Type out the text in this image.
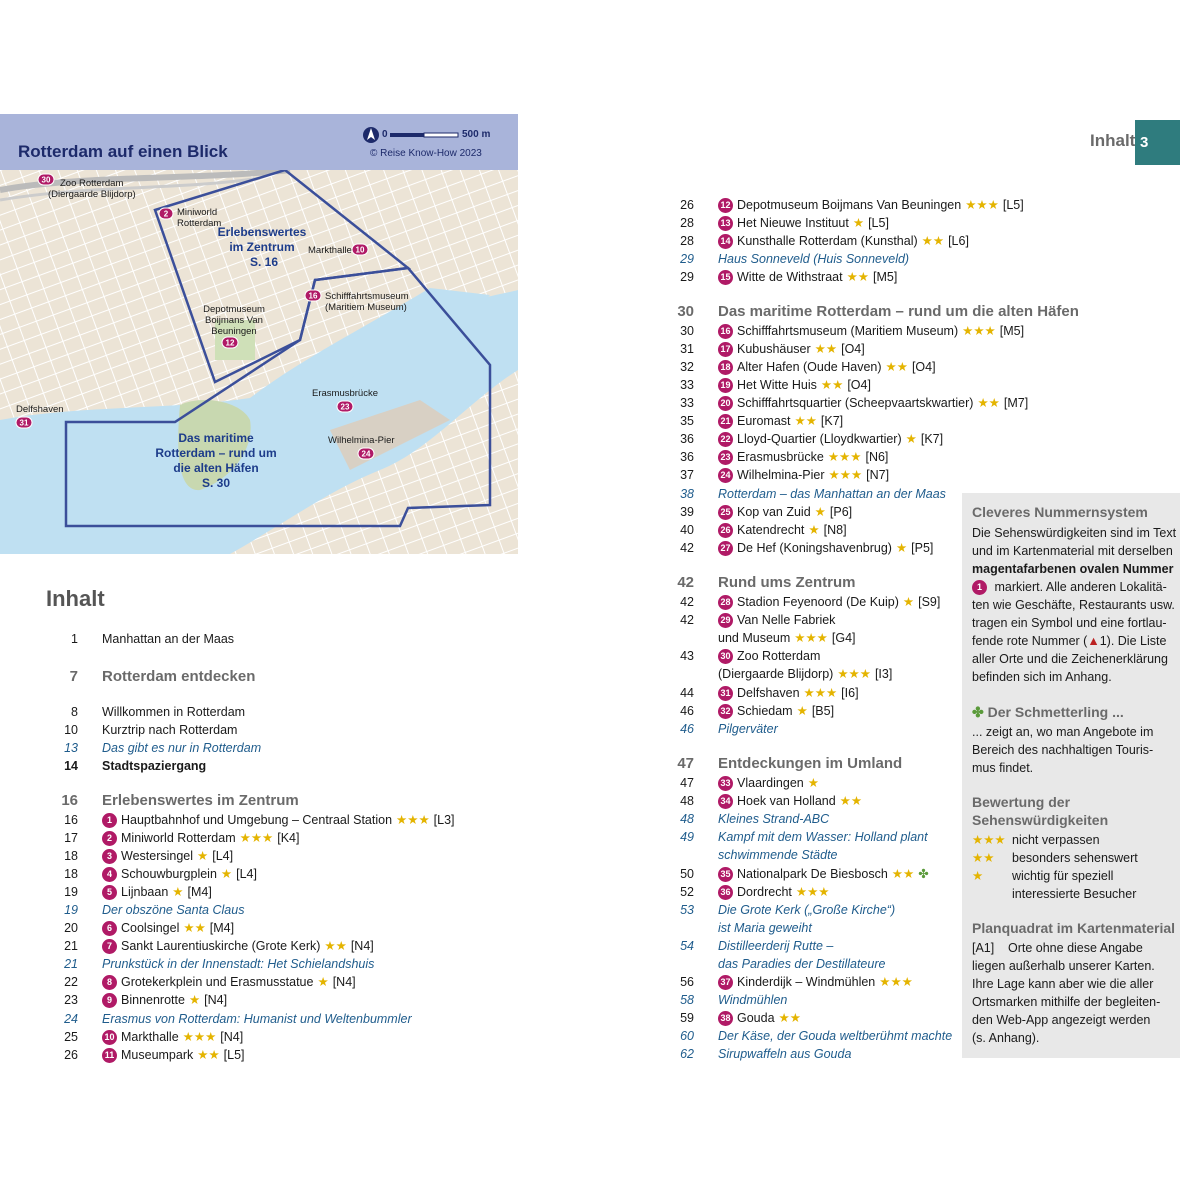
Rotterdam auf einen Blick
0	500 m
© Reise Know-How 2023
Erlebenswertes
im Zentrum
S. 16
Das maritime
Rotterdam – rund um
die alten Häfen
S. 30
30 Zoo Rotterdam
(Diergaarde Blijdorp)
2 Miniworld
Rotterdam
Markthalle 10
16 Schifffahrtsmuseum
(Maritiem Museum)
Depotmuseum
Boijmans Van
Beuningen
12
Delfshaven
31
Erasmusbrücke
23
Wilhelmina-Pier
24
Inhalt 3
Inhalt
1 Manhattan an der Maas
7 Rotterdam entdecken
8 Willkommen in Rotterdam
10 Kurztrip nach Rotterdam
13 Das gibt es nur in Rotterdam
14 Stadtspaziergang
16 Erlebenswertes im Zentrum
16	1 Hauptbahnhof und Umgebung – Centraal Station ★★★ [L3]
17	2 Miniworld Rotterdam ★★★ [K4]
18	3 Westersingel ★ [L4]
18	4 Schouwburgplein ★ [L4]
19	5 Lijnbaan ★ [M4]
19 Der obszöne Santa Claus
20	6 Coolsingel ★★ [M4]
21	7 Sankt Laurentiuskirche (Grote Kerk) ★★ [N4]
21 Prunkstück in der Innenstadt: Het Schielandshuis
22	8 Grotekerkplein und Erasmusstatue ★ [N4]
23	9 Binnenrotte ★ [N4]
24 Erasmus von Rotterdam: Humanist und Weltenbummler
25	10 Markthalle ★★★ [N4]
26	11 Museumpark ★★ [L5]
26	12 Depotmuseum Boijmans Van Beuningen ★★★ [L5]
28	13 Het Nieuwe Instituut ★ [L5]
28	14 Kunsthalle Rotterdam (Kunsthal) ★★ [L6]
29 Haus Sonneveld (Huis Sonneveld)
29	15 Witte de Withstraat ★★ [M5]
30 Das maritime Rotterdam – rund um die alten Häfen
30	16 Schifffahrtsmuseum (Maritiem Museum) ★★★ [M5]
31	17 Kubushäuser ★★ [O4]
32	18 Alter Hafen (Oude Haven) ★★ [O4]
33	19 Het Witte Huis ★★ [O4]
33	20 Schifffahrtsquartier (Scheepvaartskwartier) ★★ [M7]
35	21 Euromast ★★ [K7]
36	22 Lloyd-Quartier (Lloydkwartier) ★ [K7]
36	23 Erasmusbrücke ★★★ [N6]
37	24 Wilhelmina-Pier ★★★ [N7]
38 Rotterdam – das Manhattan an der Maas
39	25 Kop van Zuid ★ [P6]
40	26 Katendrecht ★ [N8]
42	27 De Hef (Koningshavenbrug) ★ [P5]
42 Rund ums Zentrum
42	28 Stadion Feyenoord (De Kuip) ★ [S9]
42	29 Van Nelle Fabriek
und Museum ★★★ [G4]
43	30 Zoo Rotterdam
(Diergaarde Blijdorp) ★★★ [I3]
44	31 Delfshaven ★★★ [I6]
46	32 Schiedam ★ [B5]
46 Pilgerväter
47 Entdeckungen im Umland
47	33 Vlaardingen ★
48	34 Hoek van Holland ★★
48 Kleines Strand-ABC
49 Kampf mit dem Wasser: Holland plant
schwimmende Städte
50	35 Nationalpark De Biesbosch ★★ ✤
52	36 Dordrecht ★★★
53 Die Grote Kerk („Große Kirche“)
ist Maria geweiht
54 Distilleerderij Rutte –
das Paradies der Destillateure
56	37 Kinderdijk – Windmühlen ★★★
58 Windmühlen
59	38 Gouda ★★
60 Der Käse, der Gouda weltberühmt machte
62 Sirupwaffeln aus Gouda
Cleveres Nummernsystem
Die Sehenswürdigkeiten sind im Text
und im Kartenmaterial mit derselben
magentafarbenen ovalen Nummer
1 markiert. Alle anderen Lokalitä-
ten wie Geschäfte, Restaurants usw.
tragen ein Symbol und eine fortlau-
fende rote Nummer (▲1). Die Liste
aller Orte und die Zeichenerklärung
befinden sich im Anhang.
✤ Der Schmetterling ...
... zeigt an, wo man Angebote im
Bereich des nachhaltigen Touris-
mus findet.
Bewertung der
Sehenswürdigkeiten
★★★ nicht verpassen
★★ besonders sehenswert
★ wichtig für speziell
interessierte Besucher
Planquadrat im Kartenmaterial
[A1] Orte ohne diese Angabe
liegen außerhalb unserer Karten.
Ihre Lage kann aber wie die aller
Ortsmarken mithilfe der begleiten-
den Web-App angezeigt werden
(s. Anhang).
